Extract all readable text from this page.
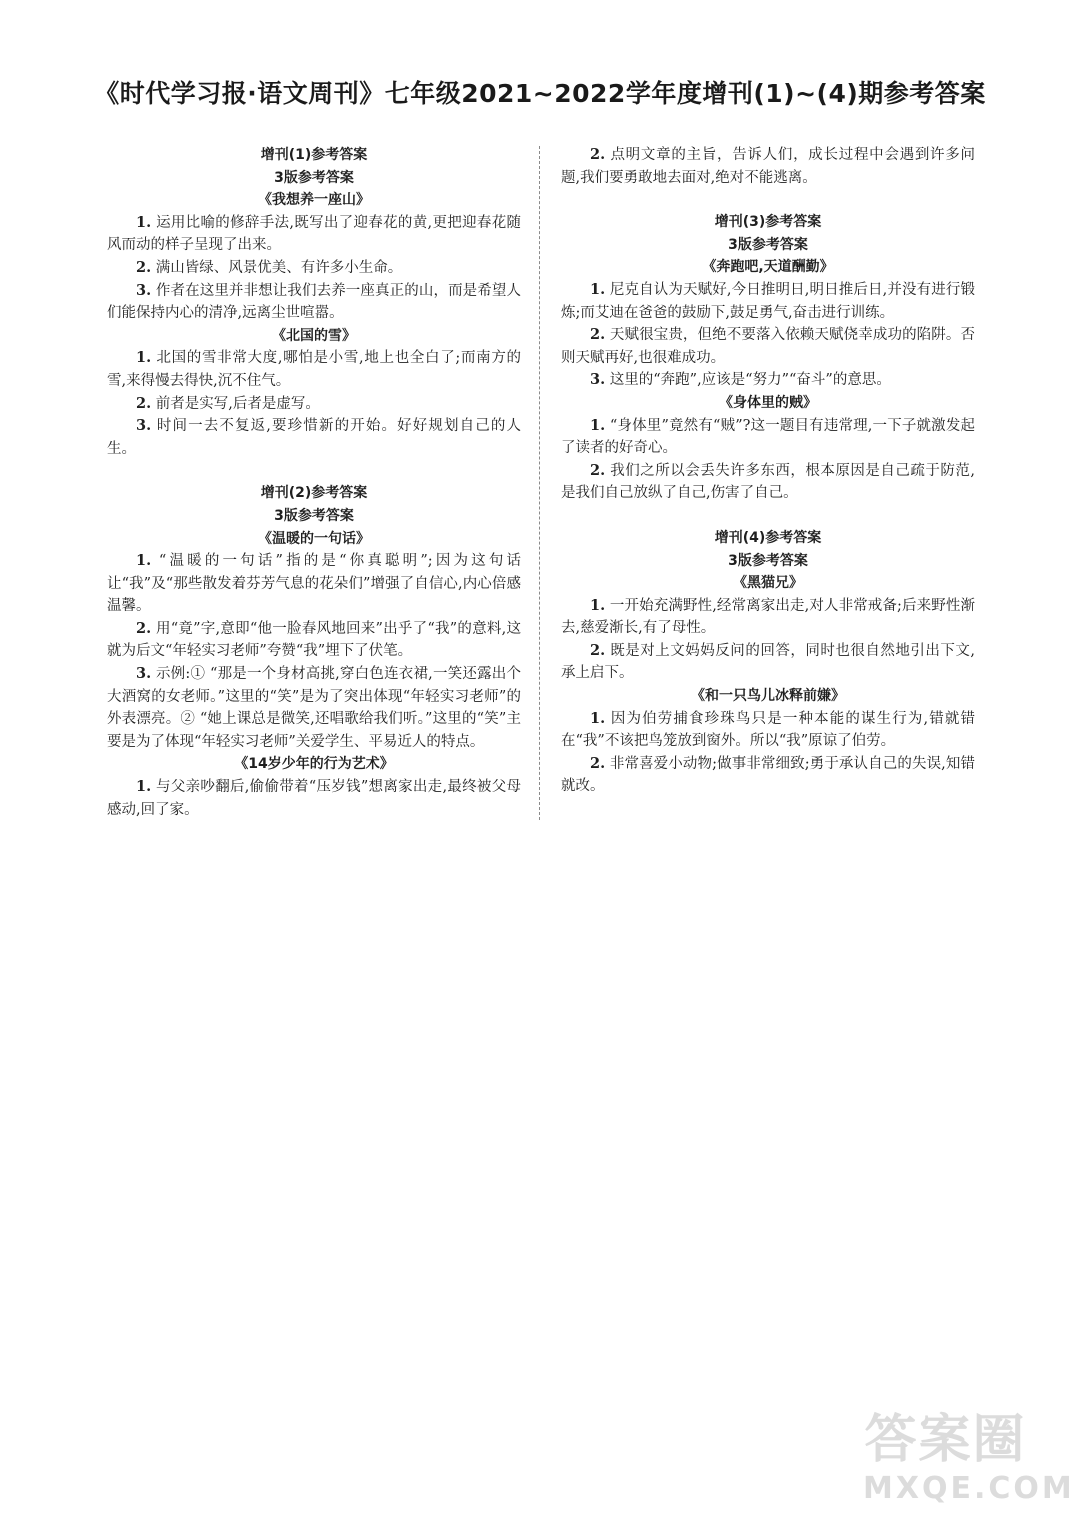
《时代学习报·语文周刊》七年级2021~2022学年度增刊(1)~(4)期参考答案
增刊(1)参考答案
3版参考答案
《我想养一座山》

1. 运用比喻的修辞手法,既写出了迎春花的黄,更把迎春花随风而动的样子呈现了出来。

2. 满山皆绿、风景优美、有许多小生命。

3. 作者在这里并非想让我们去养一座真正的山，而是希望人们能保持内心的清净,远离尘世喧嚣。

《北国的雪》

1. 北国的雪非常大度,哪怕是小雪,地上也全白了;而南方的雪,来得慢去得快,沉不住气。

2. 前者是实写,后者是虚写。

3. 时间一去不复返,要珍惜新的开始。好好规划自己的人生。

增刊(2)参考答案
3版参考答案
《温暖的一句话》

1. “温暖的一句话”指的是“你真聪明”;因为这句话让“我”及“那些散发着芬芳气息的花朵们”增强了自信心,内心倍感温馨。

2. 用“竟”字,意即“他一脸春风地回来”出乎了“我”的意料,这就为后文“年轻实习老师”夸赞“我”埋下了伏笔。

3. 示例:① “那是一个身材高挑,穿白色连衣裙,一笑还露出个大酒窝的女老师。”这里的“笑”是为了突出体现“年轻实习老师”的外表漂亮。② “她上课总是微笑,还唱歌给我们听。”这里的“笑”主要是为了体现“年轻实习老师”关爱学生、平易近人的特点。

《14岁少年的行为艺术》

1. 与父亲吵翻后,偷偷带着“压岁钱”想离家出走,最终被父母感动,回了家。

2. 点明文章的主旨，告诉人们，成长过程中会遇到许多问题,我们要勇敢地去面对,绝对不能逃离。

增刊(3)参考答案
3版参考答案
《奔跑吧,天道酬勤》

1. 尼克自认为天赋好,今日推明日,明日推后日,并没有进行锻炼;而艾迪在爸爸的鼓励下,鼓足勇气,奋击进行训练。

2. 天赋很宝贵，但绝不要落入依赖天赋侥幸成功的陷阱。否则天赋再好,也很难成功。

3. 这里的“奔跑”,应该是“努力”“奋斗”的意思。

《身体里的贼》

1. “身体里”竟然有“贼”?这一题目有违常理,一下子就激发起了读者的好奇心。

2. 我们之所以会丢失许多东西，根本原因是自己疏于防范,是我们自己放纵了自己,伤害了自己。

增刊(4)参考答案
3版参考答案
《黑猫兄》

1. 一开始充满野性,经常离家出走,对人非常戒备;后来野性渐去,慈爱渐长,有了母性。

2. 既是对上文妈妈反问的回答，同时也很自然地引出下文,承上启下。

《和一只鸟儿冰释前嫌》

1. 因为伯劳捕食珍珠鸟只是一种本能的谋生行为,错就错在“我”不该把鸟笼放到窗外。所以“我”原谅了伯劳。

2. 非常喜爱小动物;做事非常细致;勇于承认自己的失误,知错就改。

答案圈
MXQE.COM
